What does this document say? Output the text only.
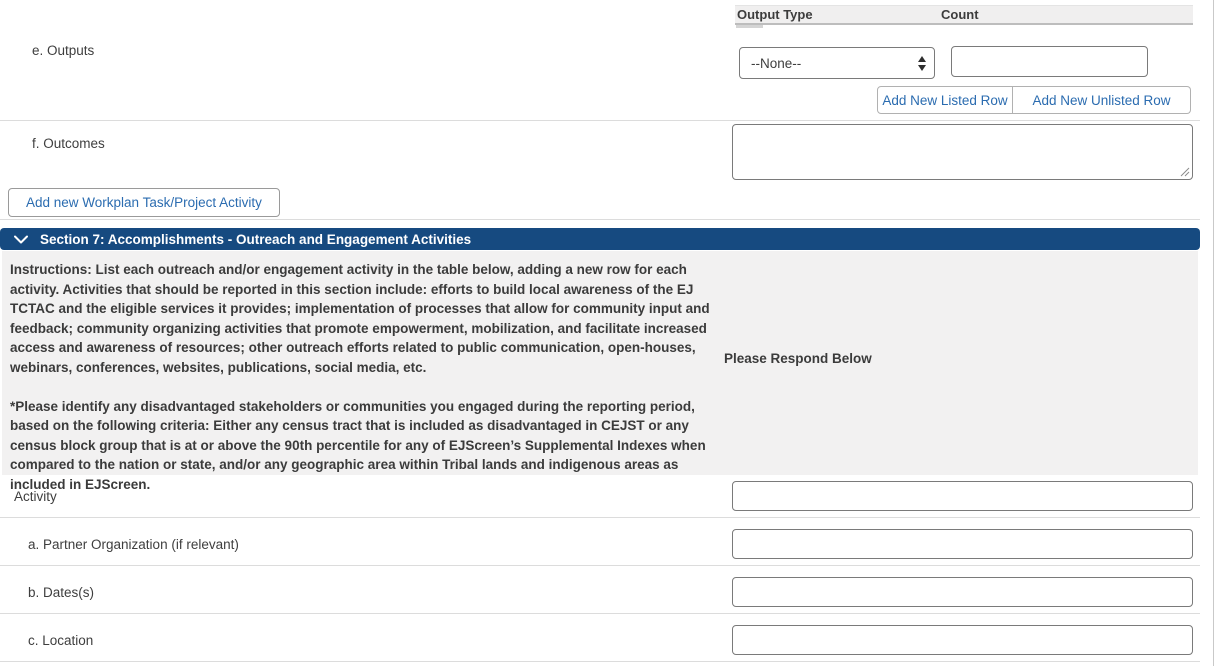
Output Type	Count
e. Outputs
--None--
Add New Listed Row	Add New Unlisted Row
f. Outcomes
Add new Workplan Task/Project Activity
Section 7: Accomplishments - Outreach and Engagement Activities

Instructions: List each outreach and/or engagement activity in the table below, adding a new row for each activity. Activities that should be reported in this section include: efforts to build local awareness of the EJ TCTAC and the eligible services it provides; implementation of processes that allow for community input and feedback; community organizing activities that promote empowerment, mobilization, and facilitate increased access and awareness of resources; other outreach efforts related to public communication, open-houses, webinars, conferences, websites, publications, social media, etc.

*Please identify any disadvantaged stakeholders or communities you engaged during the reporting period, based on the following criteria: Either any census tract that is included as disadvantaged in CEJST or any census block group that is at or above the 90th percentile for any of EJScreen’s Supplemental Indexes when compared to the nation or state, and/or any geographic area within Tribal lands and indigenous areas as included in EJScreen.

Please Respond Below
Activity
a. Partner Organization (if relevant)
b. Dates(s)
c. Location
